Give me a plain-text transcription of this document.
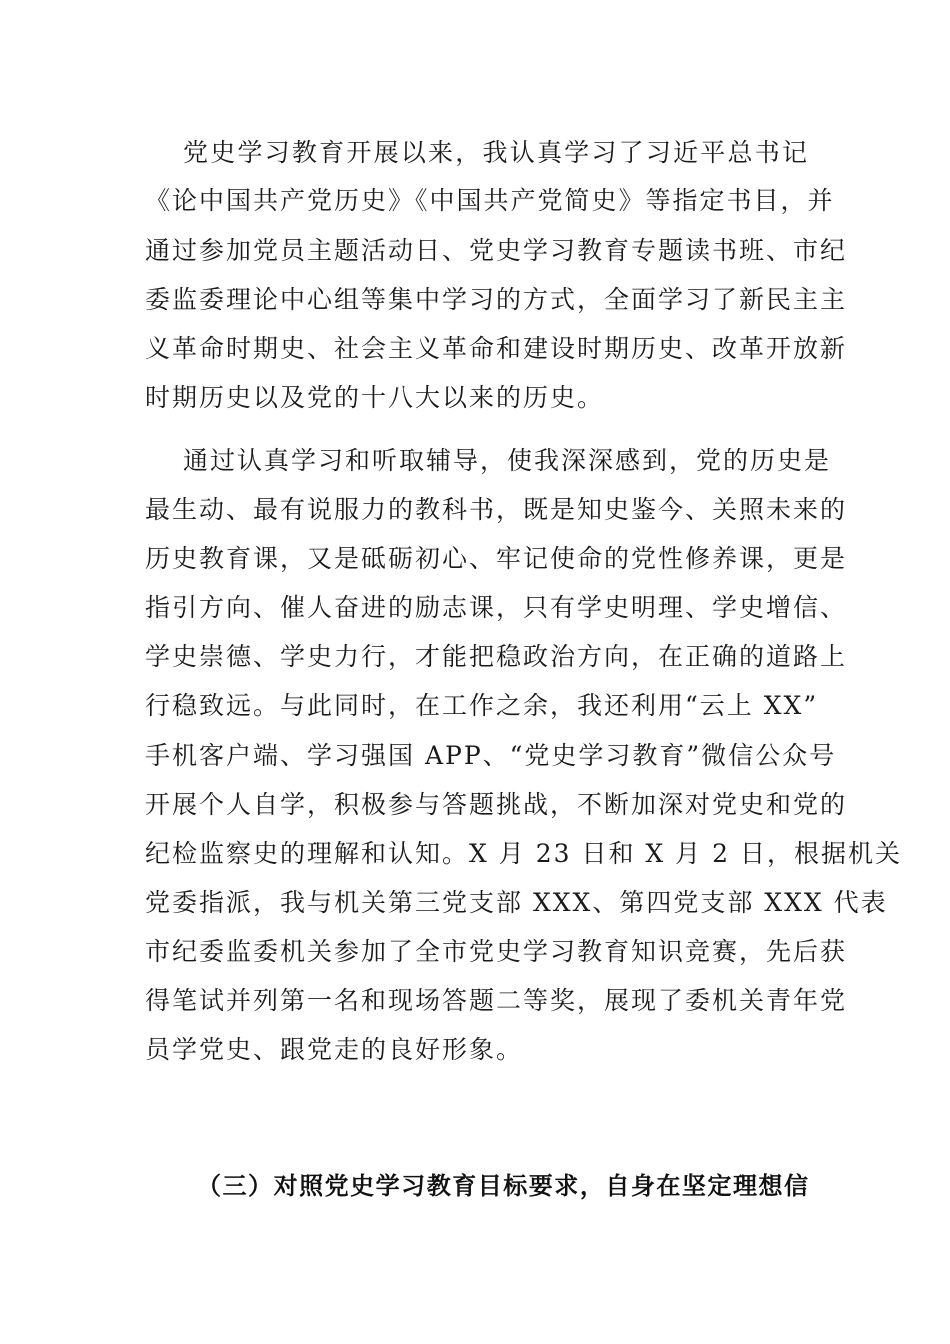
党史学习教育开展以来，我认真学习了习近平总书记
《论中国共产党历史》《中国共产党简史》等指定书目，并
通过参加党员主题活动日、党史学习教育专题读书班、市纪
委监委理论中心组等集中学习的方式，全面学习了新民主主
义革命时期史、社会主义革命和建设时期历史、改革开放新
时期历史以及党的十八大以来的历史。
通过认真学习和听取辅导，使我深深感到，党的历史是
最生动、最有说服力的教科书，既是知史鉴今、关照未来的
历史教育课，又是砥砺初心、牢记使命的党性修养课，更是
指引方向、催人奋进的励志课，只有学史明理、学史增信、
学史崇德、学史力行，才能把稳政治方向，在正确的道路上
行稳致远。与此同时，在工作之余，我还利用“云上 XX”
手机客户端、学习强国 APP、“党史学习教育”微信公众号
开展个人自学，积极参与答题挑战，不断加深对党史和党的
纪检监察史的理解和认知。X 月 23 日和 X 月 2 日，根据机关
党委指派，我与机关第三党支部 XXX、第四党支部 XXX 代表
市纪委监委机关参加了全市党史学习教育知识竞赛，先后获
得笔试并列第一名和现场答题二等奖，展现了委机关青年党
员学党史、跟党走的良好形象。
（三）对照党史学习教育目标要求，自身在坚定理想信
